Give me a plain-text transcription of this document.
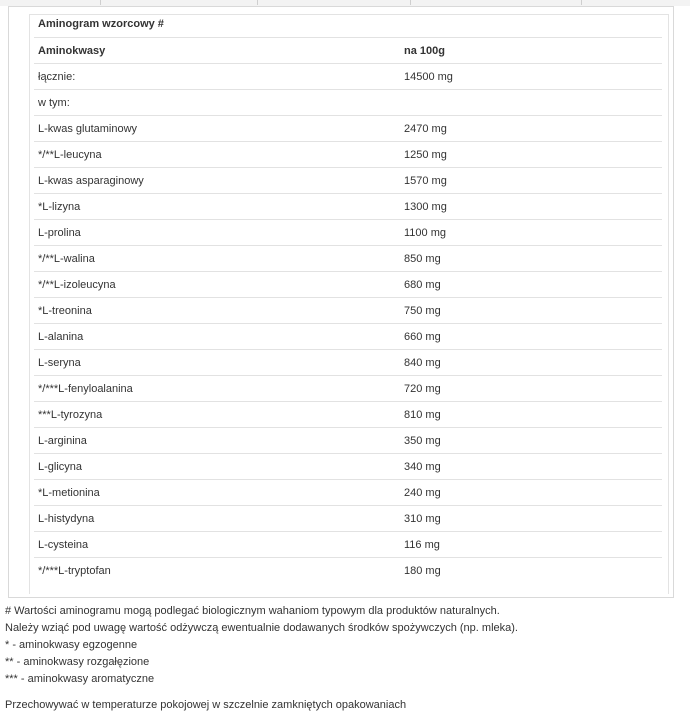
Aminogram wzorcowy #	
Aminokwasy	na 100g
łącznie:	14500 mg
w tym:	
L-kwas glutaminowy	2470 mg
*/**L-leucyna	1250 mg
L-kwas asparaginowy	1570 mg
*L-lizyna	1300 mg
L-prolina	1100 mg
*/**L-walina	850 mg
*/**L-izoleucyna	680 mg
*L-treonina	750 mg
L-alanina	660 mg
L-seryna	840 mg
*/***L-fenyloalanina	720 mg
***L-tyrozyna	810 mg
L-arginina	350 mg
L-glicyna	340 mg
*L-metionina	240 mg
L-histydyna	310 mg
L-cysteina	116 mg
*/***L-tryptofan	180 mg
# Wartości aminogramu mogą podlegać biologicznym wahaniom typowym dla produktów naturalnych.
Należy wziąć pod uwagę wartość odżywczą ewentualnie dodawanych środków spożywczych (np. mleka).
* - aminokwasy egzogenne
** - aminokwasy rozgałęzione
*** - aminokwasy aromatyczne
Przechowywać w temperaturze pokojowej w szczelnie zamkniętych opakowaniach
